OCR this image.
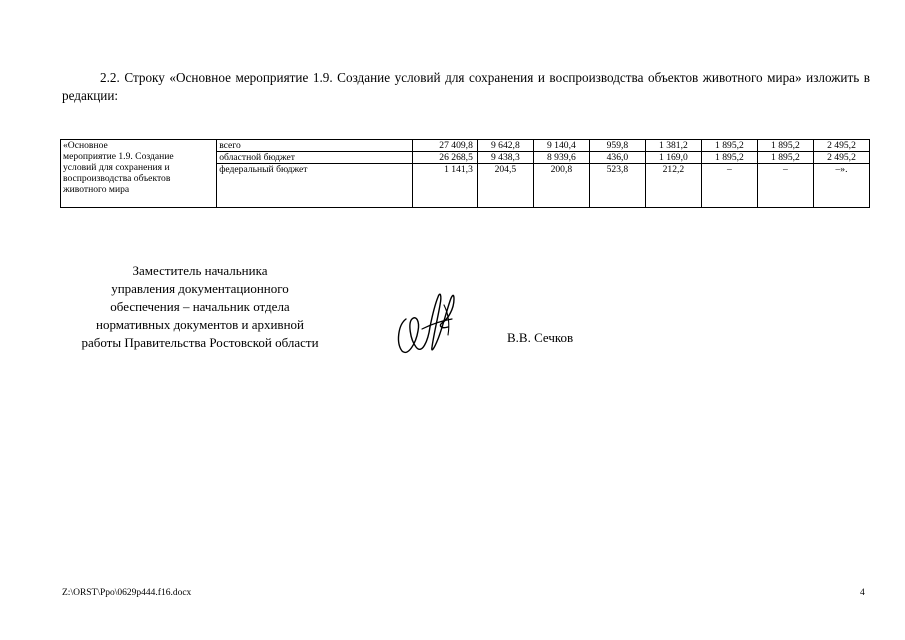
2.2. Строку «Основное мероприятие 1.9. Создание условий для сохранения и воспроизводства объектов животного мира» изложить в редакции:

«Основное
мероприятие 1.9. Создание
условий для сохранения и
воспроизводства объектов
животного мира	всего	27 409,8	9 642,8	9 140,4	959,8	1 381,2	1 895,2	1 895,2	2 495,2
	областной бюджет	26 268,5	9 438,3	8 939,6	436,0	1 169,0	1 895,2	1 895,2	2 495,2
	федеральный бюджет	1 141,3	204,5	200,8	523,8	212,2	–	–	–».
Заместитель начальника
управления документационного
обеспечения – начальник отдела
нормативных документов и архивной
работы Правительства Ростовской области	В.В. Сечков
Z:\ORST\Ppo\0629p444.f16.docx	4
